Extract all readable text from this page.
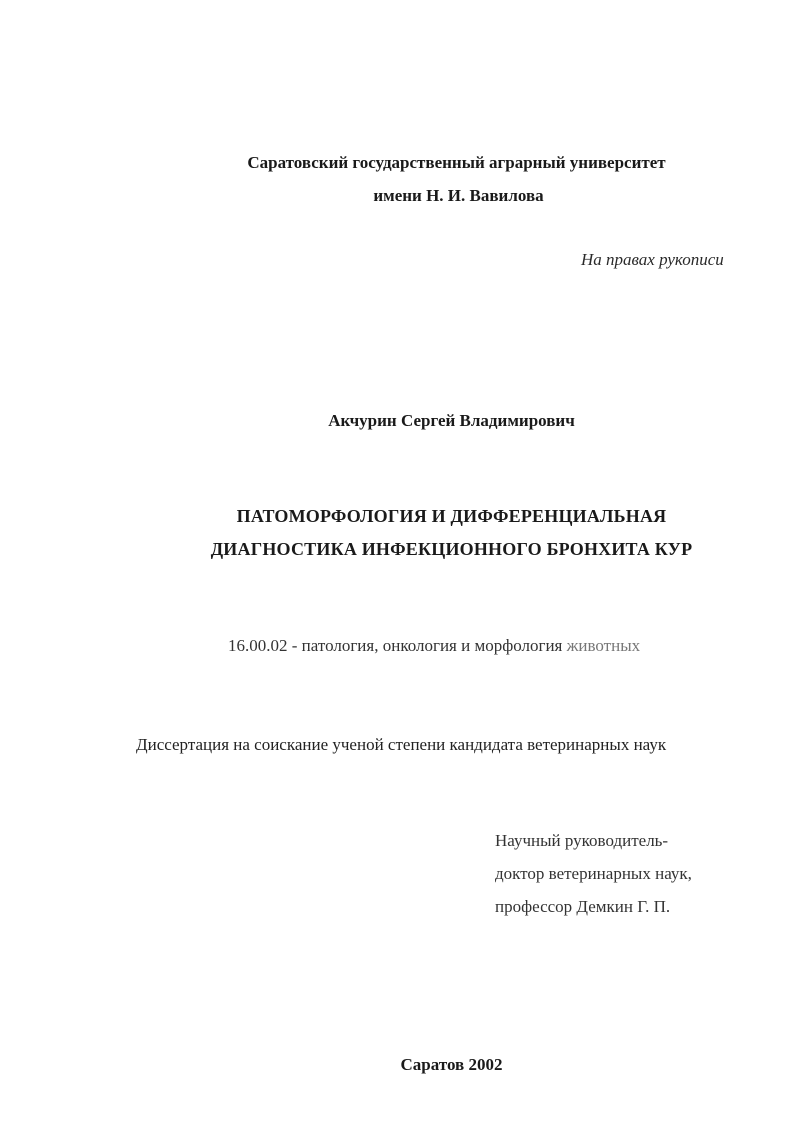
Саратовский государственный аграрный университет

имени Н. И. Вавилова

На правах рукописи

Акчурин Сергей Владимирович

ПАТОМОРФОЛОГИЯ И ДИФФЕРЕНЦИАЛЬНАЯ

ДИАГНОСТИКА ИНФЕКЦИОННОГО БРОНХИТА КУР

16.00.02 - патология, онкология и морфология животных

Диссертация на соискание ученой степени кандидата ветеринарных наук

Научный руководитель-

доктор ветеринарных наук,

профессор Демкин Г. П.

Саратов 2002
